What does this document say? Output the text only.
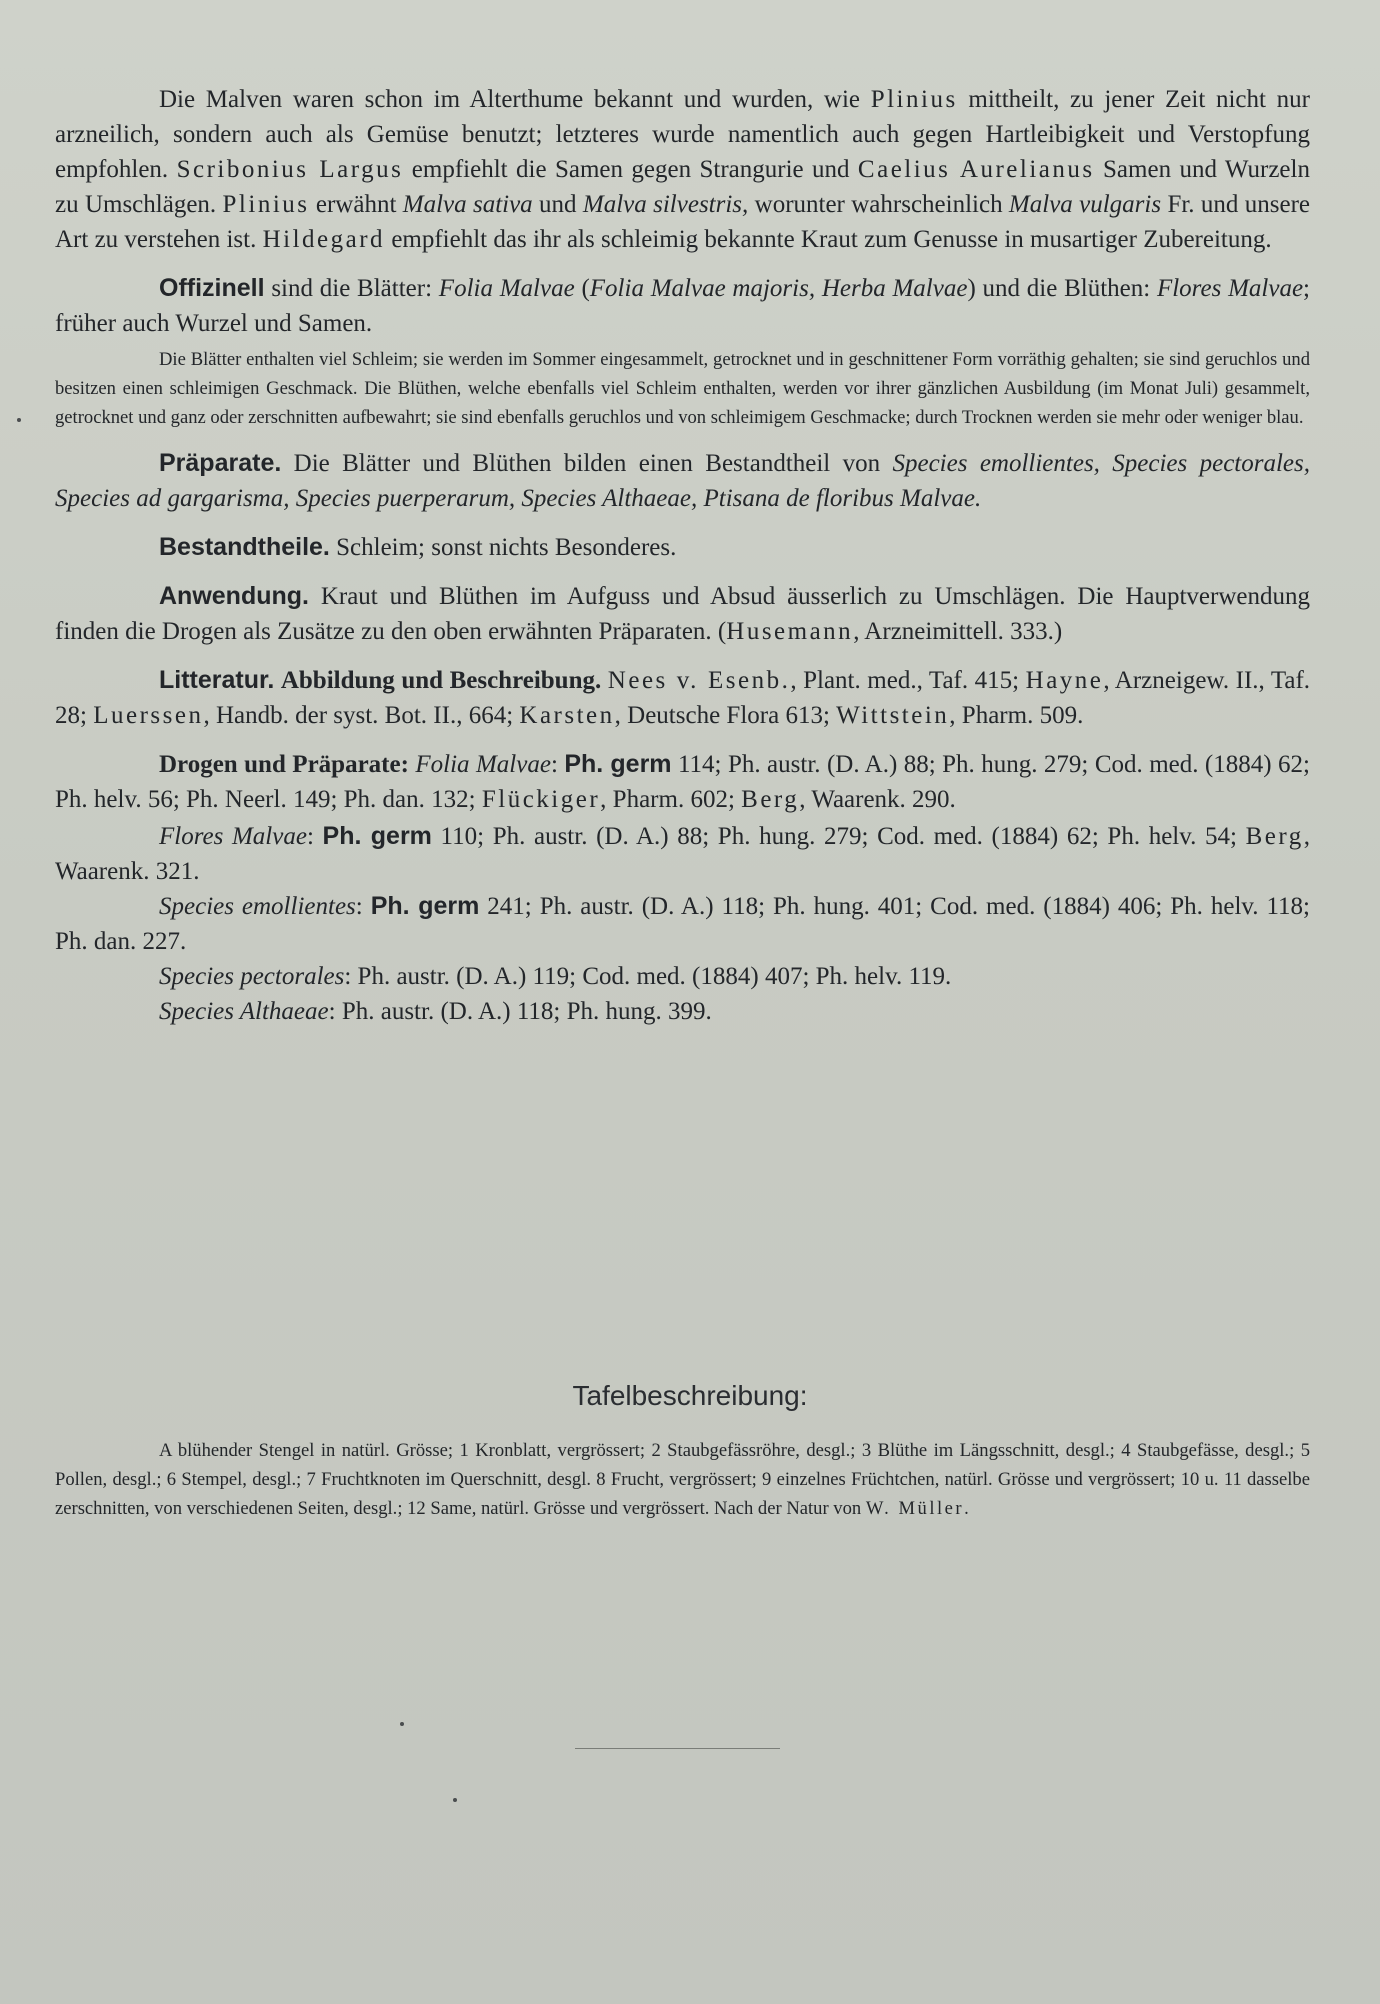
Die Malven waren schon im Alterthume bekannt und wurden, wie Plinius mittheilt, zu jener Zeit nicht nur arzneilich, sondern auch als Gemüse benutzt; letzteres wurde namentlich auch gegen Hartleibigkeit und Verstopfung empfohlen. Scribonius Largus empfiehlt die Samen gegen Strangurie und Caelius Aurelianus Samen und Wurzeln zu Umschlägen. Plinius erwähnt Malva sativa und Malva silvestris, worunter wahrscheinlich Malva vulgaris Fr. und unsere Art zu verstehen ist. Hildegard empfiehlt das ihr als schleimig bekannte Kraut zum Genusse in musartiger Zubereitung.

Offizinell sind die Blätter: Folia Malvae (Folia Malvae majoris, Herba Malvae) und die Blüthen: Flores Malvae; früher auch Wurzel und Samen.

Die Blätter enthalten viel Schleim; sie werden im Sommer eingesammelt, getrocknet und in geschnittener Form vorräthig gehalten; sie sind geruchlos und besitzen einen schleimigen Geschmack. Die Blüthen, welche ebenfalls viel Schleim enthalten, werden vor ihrer gänzlichen Ausbildung (im Monat Juli) gesammelt, getrocknet und ganz oder zerschnitten aufbewahrt; sie sind ebenfalls geruchlos und von schleimigem Geschmacke; durch Trocknen werden sie mehr oder weniger blau.

Präparate. Die Blätter und Blüthen bilden einen Bestandtheil von Species emollientes, Species pectorales, Species ad gargarisma, Species puerperarum, Species Althaeae, Ptisana de floribus Malvae.

Bestandtheile. Schleim; sonst nichts Besonderes.

Anwendung. Kraut und Blüthen im Aufguss und Absud äusserlich zu Umschlägen. Die Hauptverwendung finden die Drogen als Zusätze zu den oben erwähnten Präparaten. (Husemann, Arzneimittell. 333.)

Litteratur. Abbildung und Beschreibung. Nees v. Esenb., Plant. med., Taf. 415; Hayne, Arzneigew. II., Taf. 28; Luerssen, Handb. der syst. Bot. II., 664; Karsten, Deutsche Flora 613; Wittstein, Pharm. 509.

Drogen und Präparate: Folia Malvae: Ph. germ 114; Ph. austr. (D. A.) 88; Ph. hung. 279; Cod. med. (1884) 62; Ph. helv. 56; Ph. Neerl. 149; Ph. dan. 132; Flückiger, Pharm. 602; Berg, Waarenk. 290.

Flores Malvae: Ph. germ 110; Ph. austr. (D. A.) 88; Ph. hung. 279; Cod. med. (1884) 62; Ph. helv. 54; Berg, Waarenk. 321.

Species emollientes: Ph. germ 241; Ph. austr. (D. A.) 118; Ph. hung. 401; Cod. med. (1884) 406; Ph. helv. 118; Ph. dan. 227.

Species pectorales: Ph. austr. (D. A.) 119; Cod. med. (1884) 407; Ph. helv. 119.

Species Althaeae: Ph. austr. (D. A.) 118; Ph. hung. 399.

Tafelbeschreibung:

A blühender Stengel in natürl. Grösse; 1 Kronblatt, vergrössert; 2 Staubgefässröhre, desgl.; 3 Blüthe im Längsschnitt, desgl.; 4 Staubgefässe, desgl.; 5 Pollen, desgl.; 6 Stempel, desgl.; 7 Fruchtknoten im Querschnitt, desgl. 8 Frucht, vergrössert; 9 einzelnes Früchtchen, natürl. Grösse und vergrössert; 10 u. 11 dasselbe zerschnitten, von verschiedenen Seiten, desgl.; 12 Same, natürl. Grösse und vergrössert. Nach der Natur von W. Müller.
